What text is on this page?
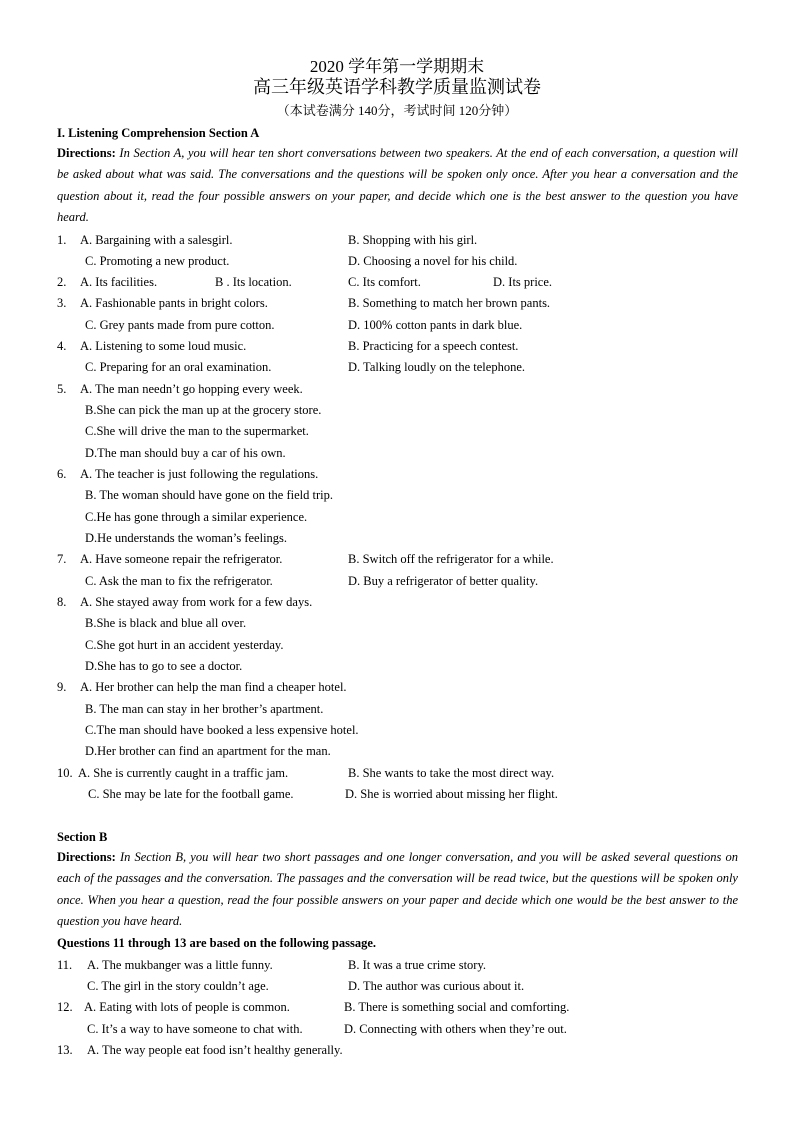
2020 学年第一学期期末
高三年级英语学科教学质量监测试卷
（本试卷满分 140分，考试时间 120分钟）
I. Listening Comprehension Section A
Directions: In Section A, you will hear ten short conversations between two speakers. At the end of each conversation, a question will be asked about what was said. The conversations and the questions will be spoken only once. After you hear a conversation and the question about it, read the four possible answers on your paper, and decide which one is the best answer to the question you have heard.
1. A. Bargaining with a salesgirl.	B. Shopping with his girl.
C. Promoting a new product.	D. Choosing a novel for his child.
2. A. Its facilities.	B . Its location.	C. Its comfort.	D. Its price.
3. A. Fashionable pants in bright colors.	B. Something to match her brown pants.
C. Grey pants made from pure cotton.	D. 100% cotton pants in dark blue.
4. A. Listening to some loud music.	B. Practicing for a speech contest.
C. Preparing for an oral examination.	D. Talking loudly on the telephone.
5. A. The man needn’t go hopping every week.
B.She can pick the man up at the grocery store.
C.She will drive the man to the supermarket.
D.The man should buy a car of his own.
6. A. The teacher is just following the regulations.
B. The woman should have gone on the field trip.
C.He has gone through a similar experience.
D.He understands the woman’s feelings.
7. A. Have someone repair the refrigerator.	B. Switch off the refrigerator for a while.
C. Ask the man to fix the refrigerator.	D. Buy a refrigerator of better quality.
8. A. She stayed away from work for a few days.
B.She is black and blue all over.
C.She got hurt in an accident yesterday.
D.She has to go to see a doctor.
9. A. Her brother can help the man find a cheaper hotel.
B. The man can stay in her brother’s apartment.
C.The man should have booked a less expensive hotel.
D.Her brother can find an apartment for the man.
10. A. She is currently caught in a traffic jam.	B. She wants to take the most direct way.
C. She may be late for the football game.	D. She is worried about missing her flight.
Section B
Directions: In Section B, you will hear two short passages and one longer conversation, and you will be asked several questions on each of the passages and the conversation. The passages and the conversation will be read twice, but the questions will be spoken only once. When you hear a question, read the four possible answers on your paper and decide which one would be the best answer to the question you have heard.
Questions 11 through 13 are based on the following passage.
11. A. The mukbanger was a little funny.	B. It was a true crime story.
C. The girl in the story couldn’t age.	D. The author was curious about it.
12. A. Eating with lots of people is common.	B. There is something social and comforting.
C. It’s a way to have someone to chat with.	D. Connecting with others when they’re out.
13. A. The way people eat food isn’t healthy generally.
